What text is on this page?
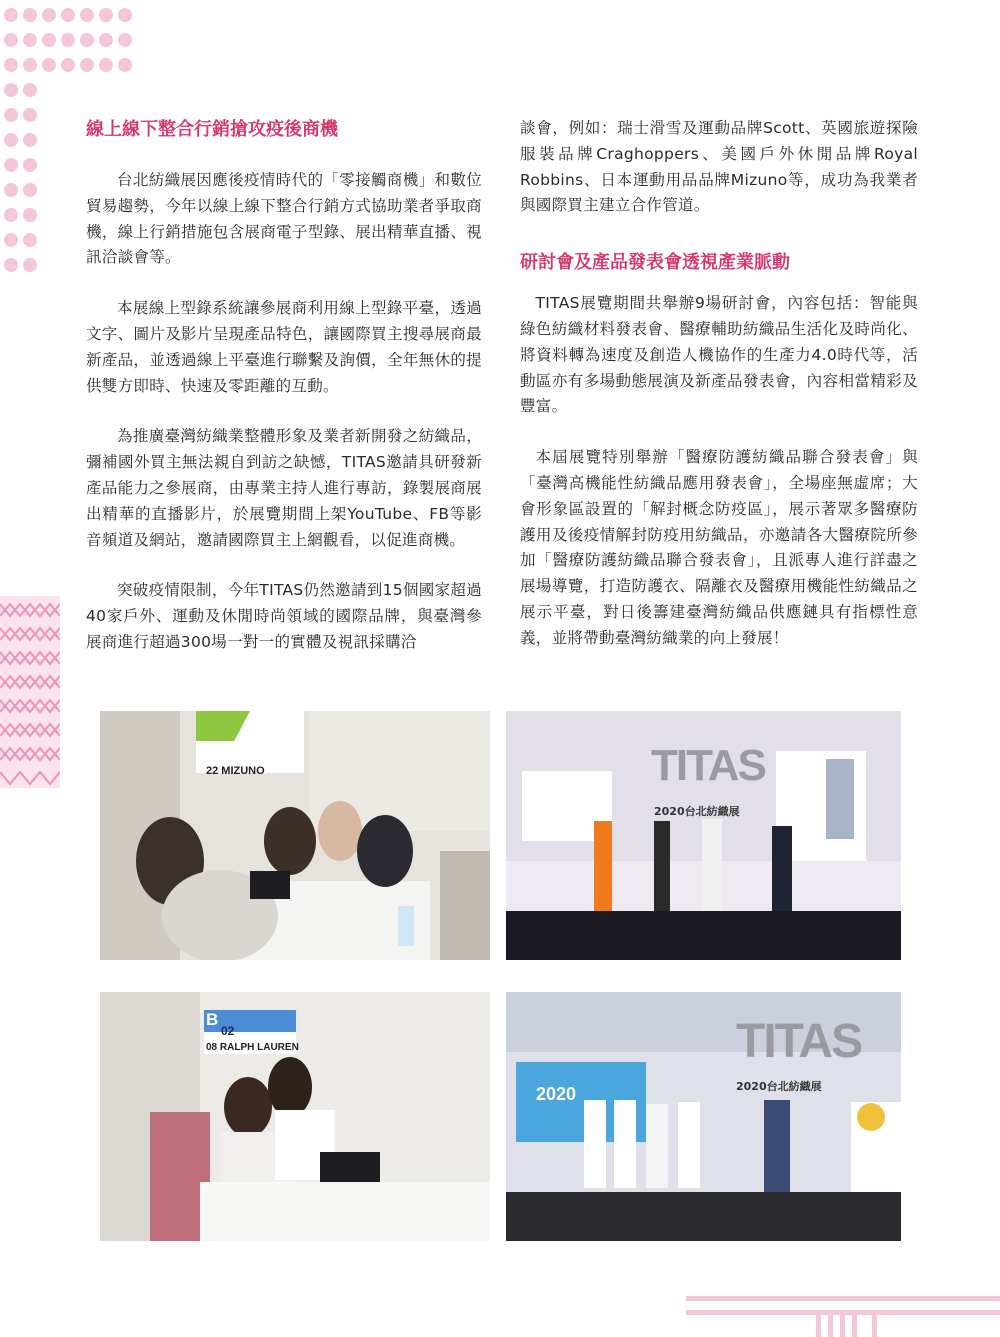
線上線下整合行銷搶攻疫後商機

台北紡織展因應後疫情時代的「零接觸商機」和數位貿易趨勢，今年以線上線下整合行銷方式協助業者爭取商機，線上行銷措施包含展商電子型錄、展出精華直播、視訊洽談會等。

本展線上型錄系統讓參展商利用線上型錄平臺，透過文字、圖片及影片呈現產品特色，讓國際買主搜尋展商最新產品，並透過線上平臺進行聯繫及詢價，全年無休的提供雙方即時、快速及零距離的互動。

為推廣臺灣紡織業整體形象及業者新開發之紡織品，彌補國外買主無法親自到訪之缺憾，TITAS邀請具研發新產品能力之參展商，由專業主持人進行專訪，錄製展商展出精華的直播影片，於展覽期間上架YouTube、FB等影音頻道及網站，邀請國際買主上網觀看，以促進商機。

突破疫情限制，今年TITAS仍然邀請到15個國家超過40家戶外、運動及休閒時尚領域的國際品牌，與臺灣參展商進行超過300場一對一的實體及視訊採購洽

談會，例如：瑞士滑雪及運動品牌Scott、英國旅遊探險服裝品牌Craghoppers、美國戶外休閒品牌Royal Robbins、日本運動用品品牌Mizuno等，成功為我業者與國際買主建立合作管道。

研討會及產品發表會透視產業脈動

TITAS展覽期間共舉辦9場研討會，內容包括：智能與綠色紡織材料發表會、醫療輔助紡織品生活化及時尚化、將資料轉為速度及創造人機協作的生產力4.0時代等，活動區亦有多場動態展演及新產品發表會，內容相當精彩及豐富。

本屆展覽特別舉辦「醫療防護紡織品聯合發表會」與「臺灣高機能性紡織品應用發表會」，全場座無虛席；大會形象區設置的「解封概念防疫區」，展示著眾多醫療防護用及後疫情解封防疫用紡織品，亦邀請各大醫療院所參加「醫療防護紡織品聯合發表會」，且派專人進行詳盡之展場導覽，打造防護衣、隔離衣及醫療用機能性紡織品之展示平臺，對日後籌建臺灣紡織品供應鏈具有指標性意義，並將帶動臺灣紡織業的向上發展！

A 05
22 MIZUNO	TITAS
2020台北紡織展
B
02
08 RALPH LAUREN	TITAS
2020台北紡織展
2020
